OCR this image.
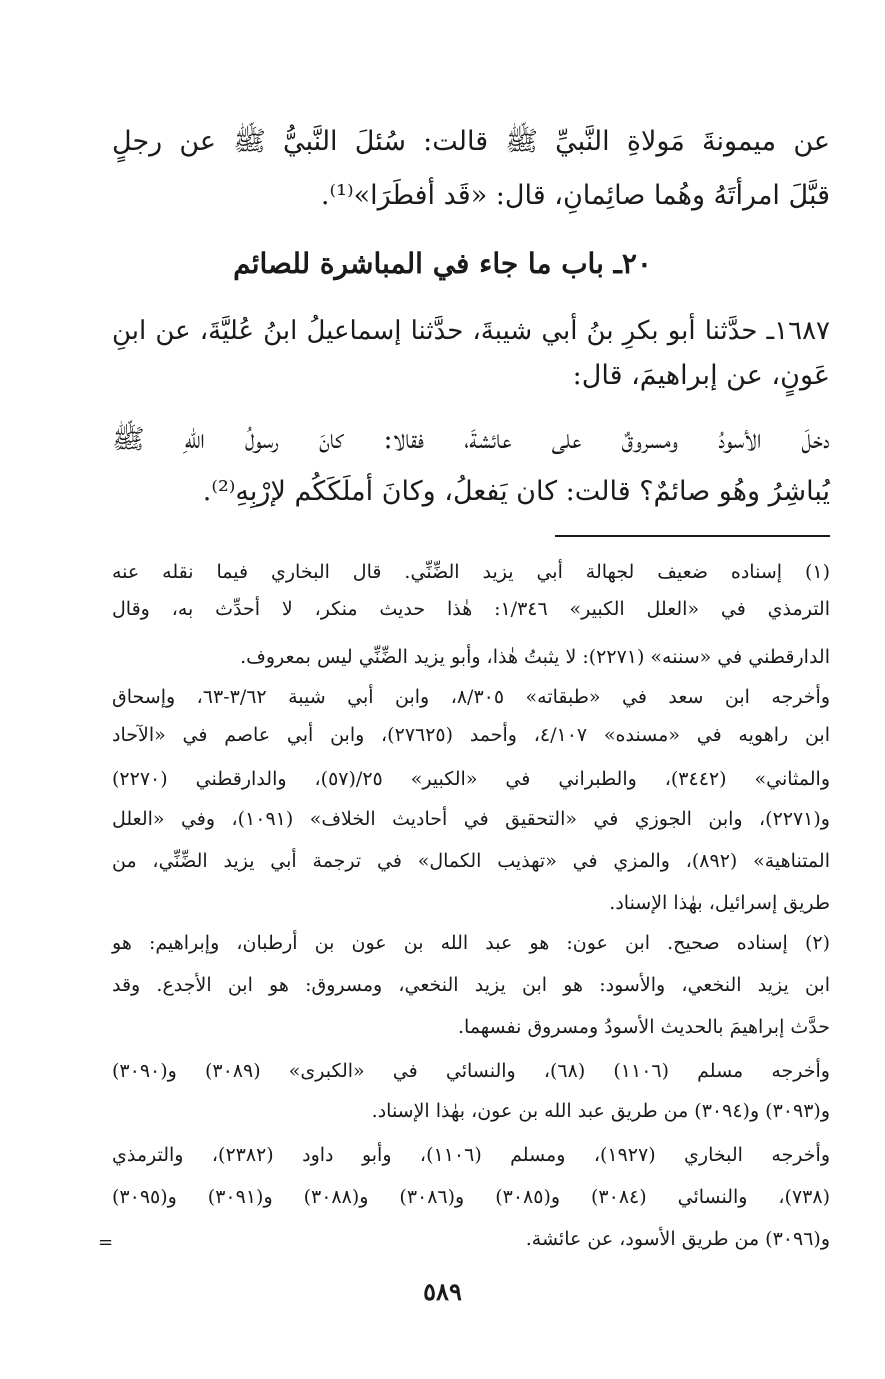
عن ميمونةَ مَولاةِ النَّبيِّ ﷺ قالت: سُئلَ النَّبيُّ ﷺ عن رجلٍ
قبَّلَ امرأتَهُ وهُما صائِمانِ، قال: «قَد أفطَرَا»⁽¹⁾.
٢٠ـ باب ما جاء في المباشرة للصائم
١٦٨٧ـ حدَّثنا أبو بكرِ بنُ أبي شيبةَ، حدَّثنا إسماعيلُ ابنُ عُليَّةَ، عن ابنِ
عَونٍ، عن إبراهيمَ، قال:
دخلَ الأسودُ ومسروقٌ على عائشةَ، فقالا: كانَ رسولُ اللهِ ﷺ
يُباشِرُ وهُو صائمٌ؟ قالت: كان يَفعلُ، وكانَ أملَكَكُم لإرْبِهِ⁽²⁾.
(١) إسناده ضعيف لجهالة أبي يزيد الضِّنِّي. قال البخاري فيما نقله عنه
الترمذي في «العلل الكبير» ١/٣٤٦: هٰذا حديث منكر، لا أحدِّث به، وقال
الدارقطني في «سننه» (٢٢٧١): لا يثبتُ هٰذا، وأبو يزيد الضِّنِّي ليس بمعروف.
وأخرجه ابن سعد في «طبقاته» ٨/٣٠٥، وابن أبي شيبة ٣/٦٢-٦٣، وإسحاق
ابن راهويه في «مسنده» ٤/١٠٧، وأحمد (٢٧٦٢٥)، وابن أبي عاصم في «الآحاد
والمثاني» (٣٤٤٢)، والطبراني في «الكبير» ٢٥/(٥٧)، والدارقطني (٢٢٧٠)
و(٢٢٧١)، وابن الجوزي في «التحقيق في أحاديث الخلاف» (١٠٩١)، وفي «العلل
المتناهية» (٨٩٢)، والمزي في «تهذيب الكمال» في ترجمة أبي يزيد الضِّنِّي، من
طريق إسرائيل، بهٰذا الإسناد.
(٢) إسناده صحيح. ابن عون: هو عبد الله بن عون بن أرطبان، وإبراهيم: هو
ابن يزيد النخعي، والأسود: هو ابن يزيد النخعي، ومسروق: هو ابن الأجدع. وقد
حدَّث إبراهيمَ بالحديث الأسودُ ومسروق نفسهما.
وأخرجه مسلم (١١٠٦) (٦٨)، والنسائي في «الكبرى» (٣٠٨٩) و(٣٠٩٠)
و(٣٠٩٣) و(٣٠٩٤) من طريق عبد الله بن عون، بهٰذا الإسناد.
وأخرجه البخاري (١٩٢٧)، ومسلم (١١٠٦)، وأبو داود (٢٣٨٢)، والترمذي
(٧٣٨)، والنسائي (٣٠٨٤) و(٣٠٨٥) و(٣٠٨٦) و(٣٠٨٨) و(٣٠٩١) و(٣٠٩٥)
و(٣٠٩٦) من طريق الأسود، عن عائشة.
=
٥٨٩
